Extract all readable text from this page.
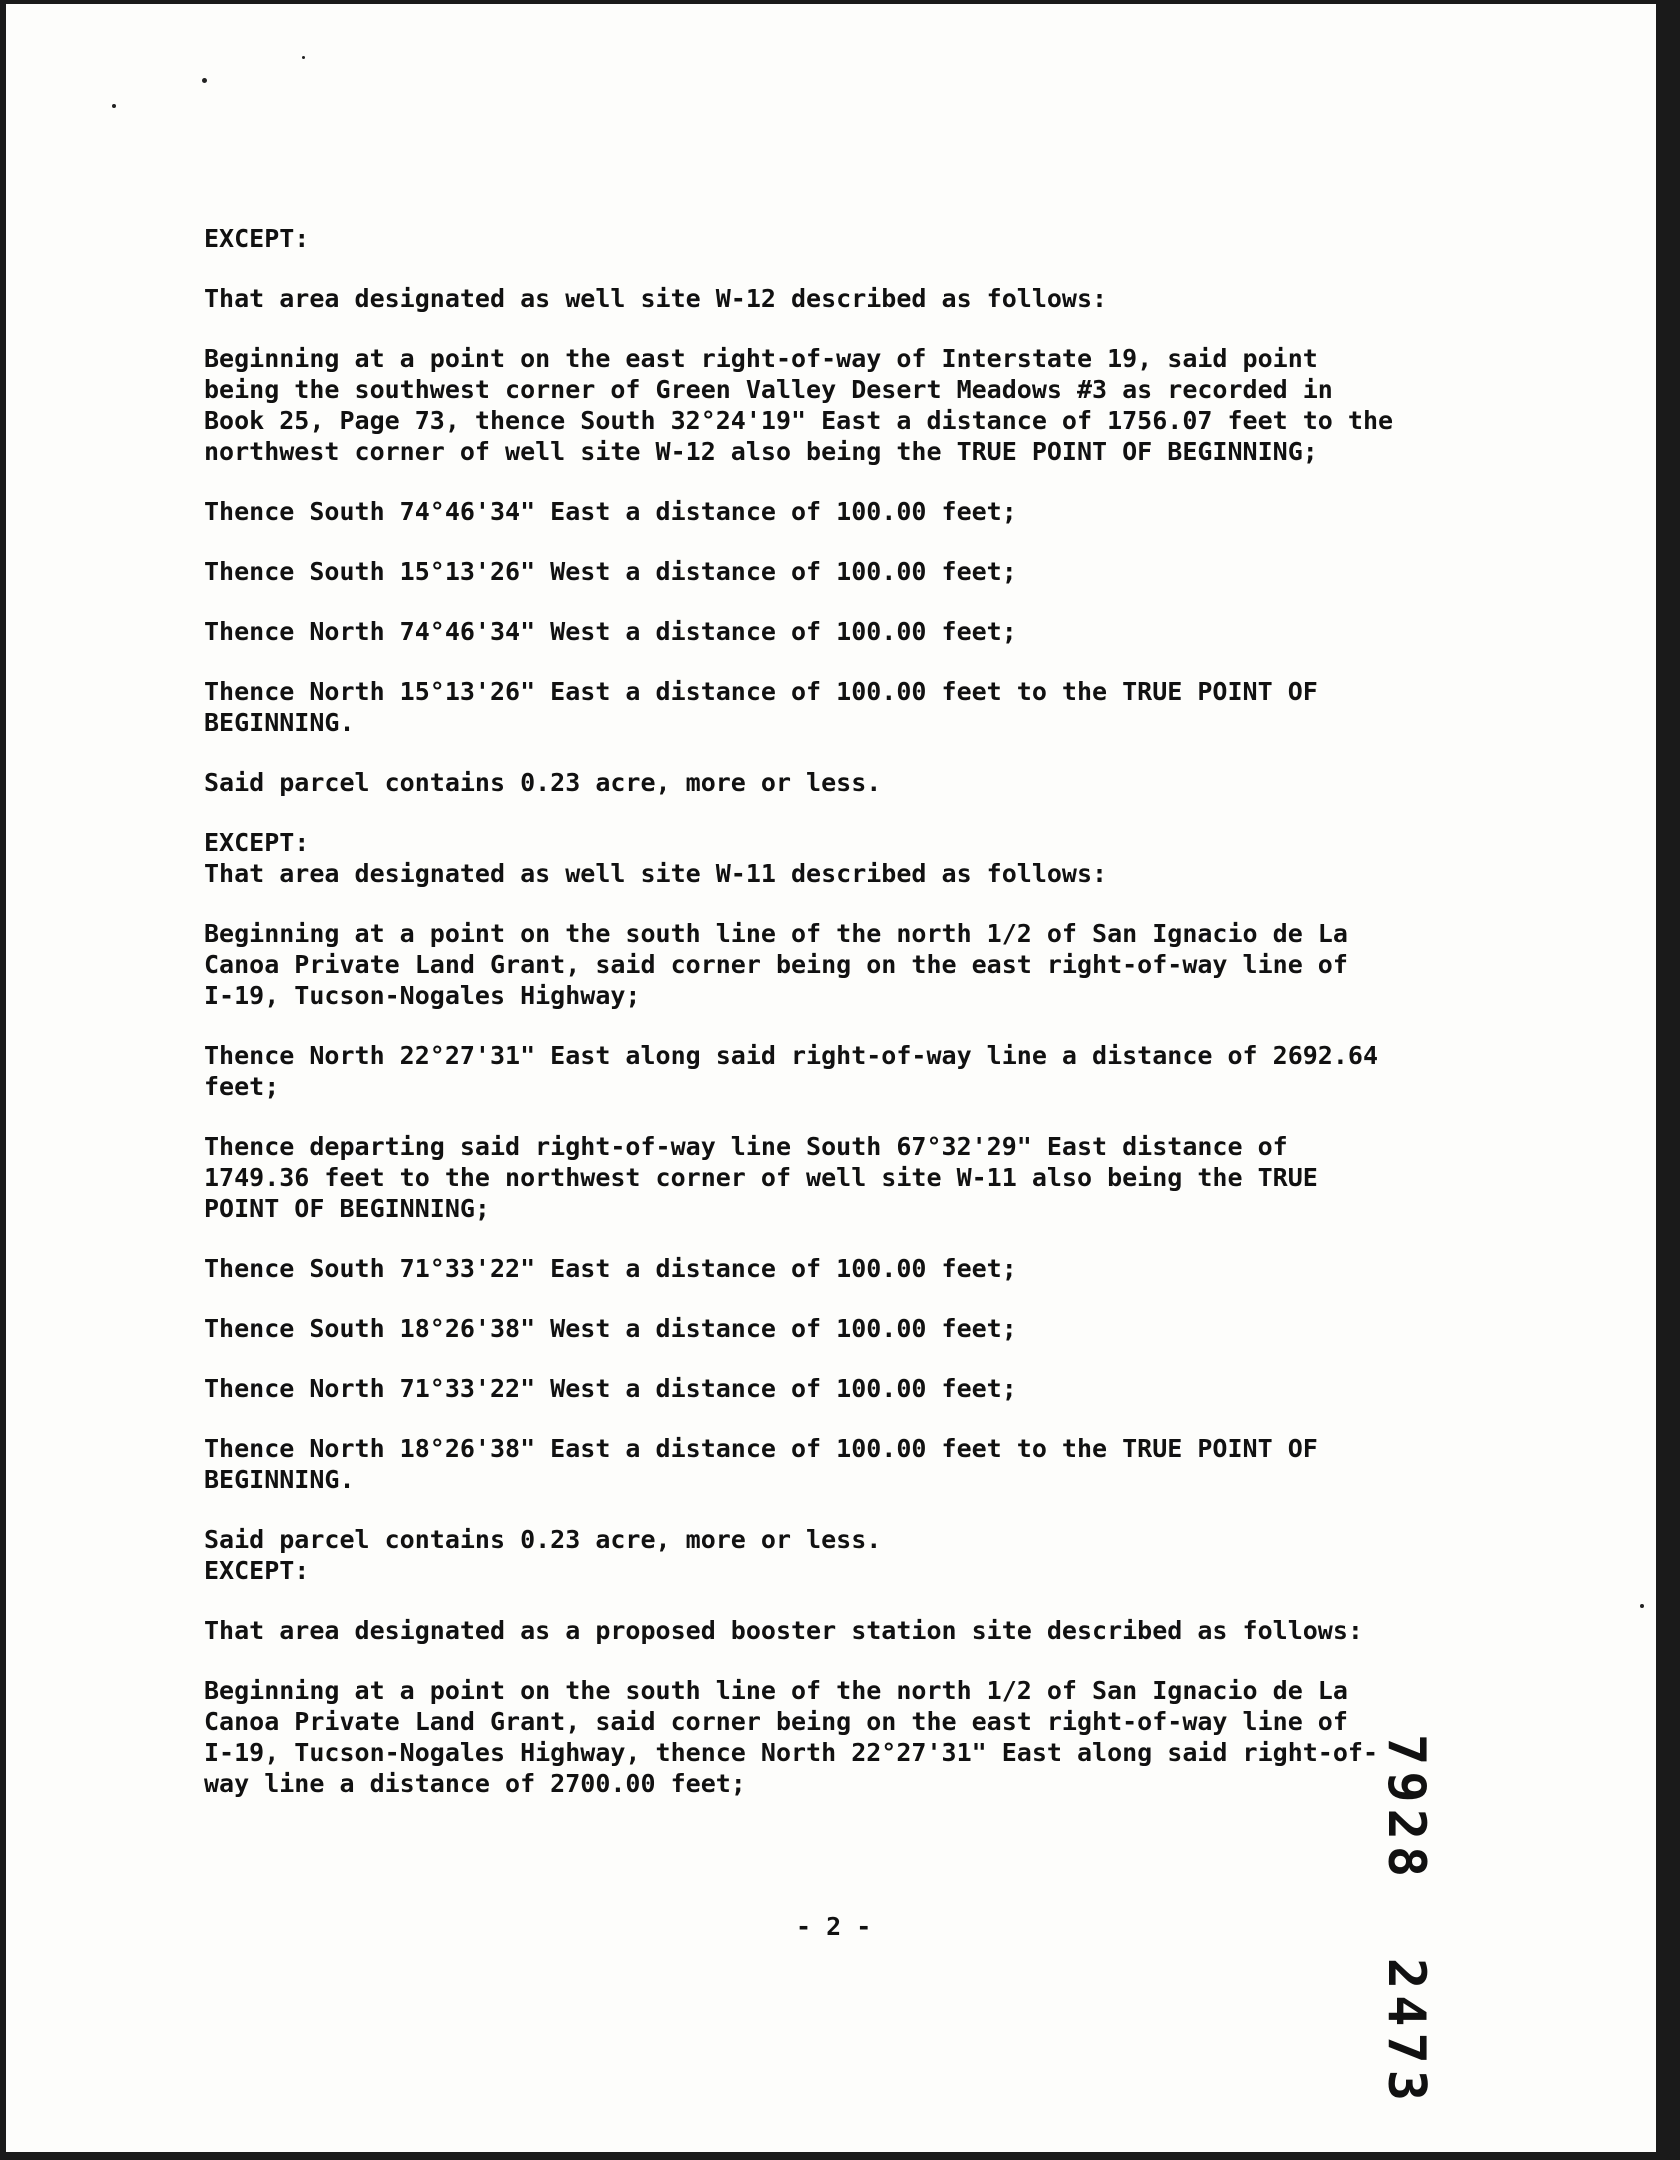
EXCEPT:

That area designated as well site W-12 described as follows:

Beginning at a point on the east right-of-way of Interstate 19, said point
being the southwest corner of Green Valley Desert Meadows #3 as recorded in
Book 25, Page 73, thence South 32°24'19" East a distance of 1756.07 feet to the
northwest corner of well site W-12 also being the TRUE POINT OF BEGINNING;

Thence South 74°46'34" East a distance of 100.00 feet;

Thence South 15°13'26" West a distance of 100.00 feet;

Thence North 74°46'34" West a distance of 100.00 feet;

Thence North 15°13'26" East a distance of 100.00 feet to the TRUE POINT OF
BEGINNING.

Said parcel contains 0.23 acre, more or less.

EXCEPT:
That area designated as well site W-11 described as follows:

Beginning at a point on the south line of the north 1/2 of San Ignacio de La
Canoa Private Land Grant, said corner being on the east right-of-way line of
I-19, Tucson-Nogales Highway;

Thence North 22°27'31" East along said right-of-way line a distance of 2692.64
feet;

Thence departing said right-of-way line South 67°32'29" East distance of
1749.36 feet to the northwest corner of well site W-11 also being the TRUE
POINT OF BEGINNING;

Thence South 71°33'22" East a distance of 100.00 feet;

Thence South 18°26'38" West a distance of 100.00 feet;

Thence North 71°33'22" West a distance of 100.00 feet;

Thence North 18°26'38" East a distance of 100.00 feet to the TRUE POINT OF
BEGINNING.

Said parcel contains 0.23 acre, more or less.
EXCEPT:

That area designated as a proposed booster station site described as follows:

Beginning at a point on the south line of the north 1/2 of San Ignacio de La
Canoa Private Land Grant, said corner being on the east right-of-way line of
I-19, Tucson-Nogales Highway, thence North 22°27'31" East along said right-of-
way line a distance of 2700.00 feet;

- 2 -	7928  2473
